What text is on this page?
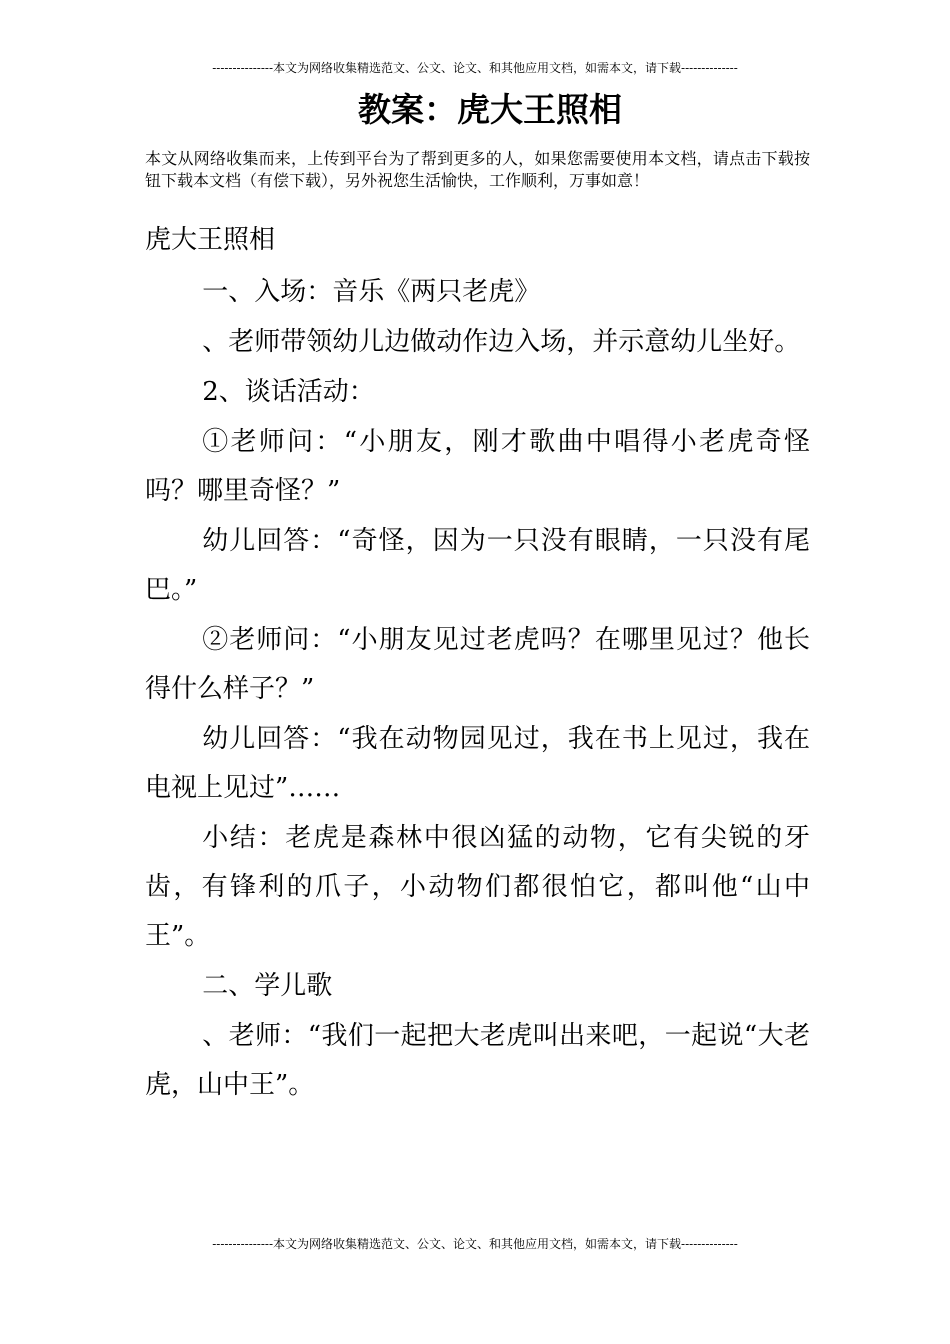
---------------本文为网络收集精选范文、公文、论文、和其他应用文档，如需本文，请下载--------------
教案：虎大王照相

本文从网络收集而来，上传到平台为了帮到更多的人，如果您需要使用本文档，请点击下载按钮下载本文档（有偿下载），另外祝您生活愉快，工作顺利，万事如意！

虎大王照相

一、入场：音乐《两只老虎》

、老师带领幼儿边做动作边入场，并示意幼儿坐好。

2、谈话活动：

①老师问：“小朋友，刚才歌曲中唱得小老虎奇怪吗？哪里奇怪？”

幼儿回答：“奇怪，因为一只没有眼睛，一只没有尾巴。”

②老师问：“小朋友见过老虎吗？在哪里见过？他长得什么样子？”

幼儿回答：“我在动物园见过，我在书上见过，我在电视上见过”……

小结：老虎是森林中很凶猛的动物，它有尖锐的牙齿，有锋利的爪子，小动物们都很怕它，都叫他“山中王”。

二、学儿歌

、老师：“我们一起把大老虎叫出来吧，一起说“大老虎，山中王”。

---------------本文为网络收集精选范文、公文、论文、和其他应用文档，如需本文，请下载--------------
